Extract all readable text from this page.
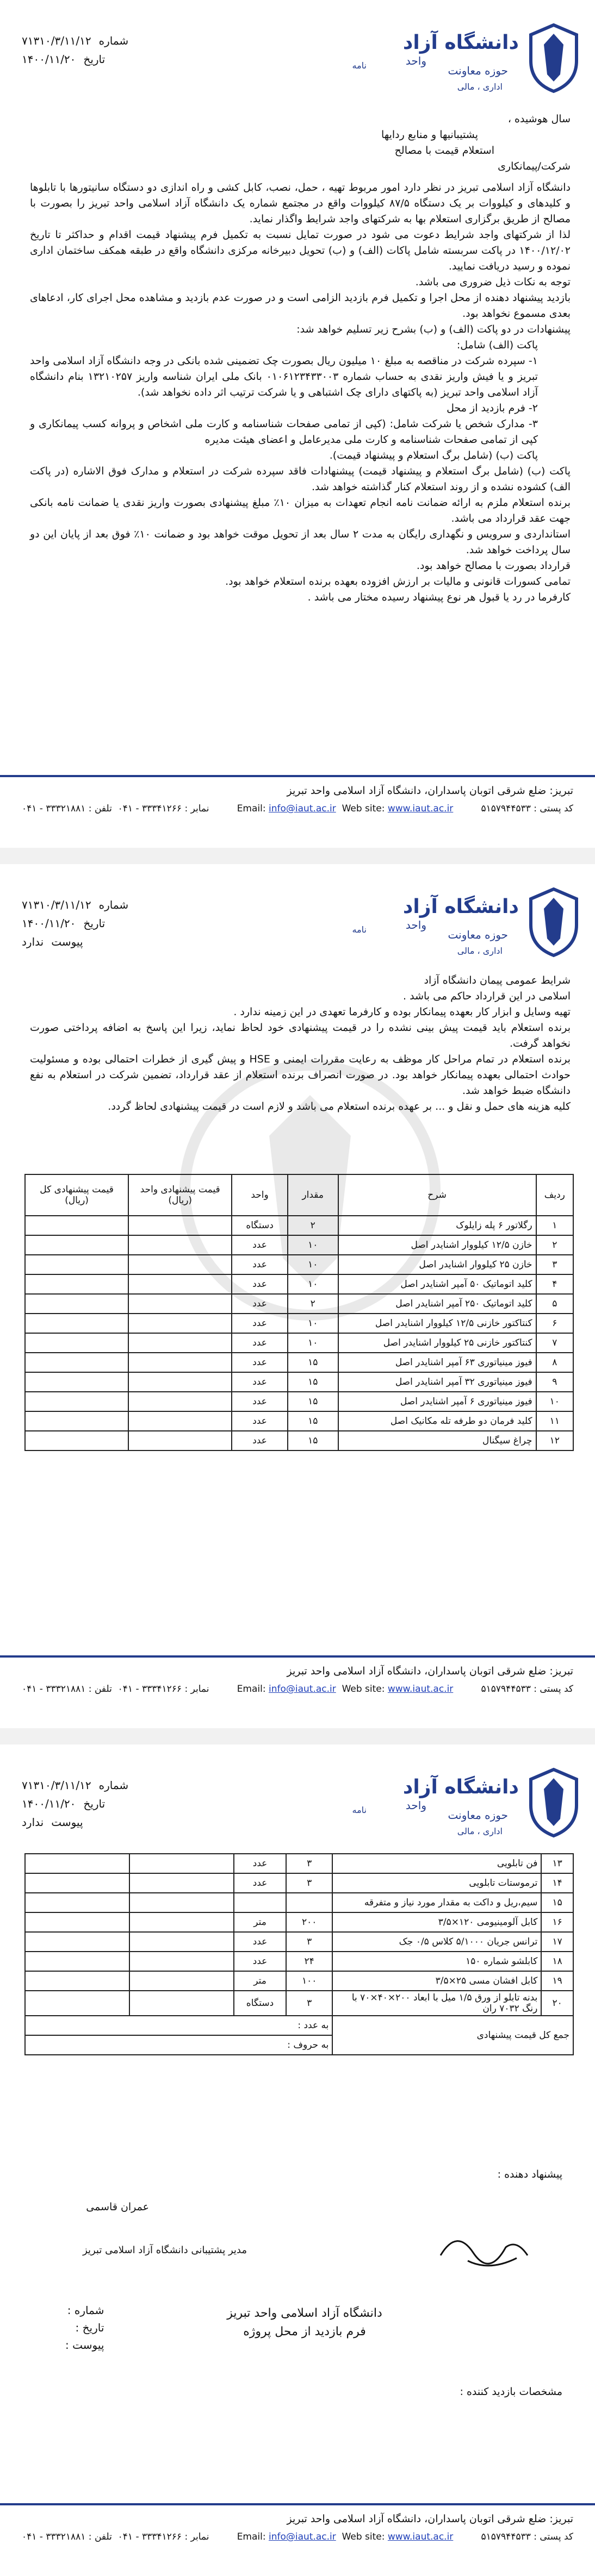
دانشگاه آزاد
واحد
نامه	حوزه معاونت
اداری ، مالی
شماره
۷۱۳۱۰/۳/۱۱/۱۲
تاریخ
۱۴۰۰/۱۱/۲۰

سال هوشیده ،

پشتیبانیها و منابع ردایها

استعلام قیمت با مصالح

شرکت/پیمانکاری

دانشگاه آزاد اسلامی تبریز در نظر دارد امور مربوط تهیه ، حمل، نصب، کابل کشی و راه اندازی دو دستگاه سانیتورها با تابلوها و کلیدهای و کیلووات بر یک دستگاه ۸۷/۵ کیلووات واقع در مجتمع شماره یک دانشگاه آزاد اسلامی واحد تبریز را بصورت با مصالح از طریق برگزاری استعلام بها به شرکتهای واجد شرایط واگذار نماید.

لذا از شرکتهای واجد شرایط دعوت می شود در صورت تمایل نسبت به تکمیل فرم پیشنهاد قیمت اقدام و حداکثر تا تاریخ ۱۴۰۰/۱۲/۰۲ در پاکت سربسته شامل پاکات (الف) و (ب) تحویل دبیرخانه مرکزی دانشگاه واقع در طبقه همکف ساختمان اداری نموده و رسید دریافت نمایید.

توجه به نکات ذیل ضروری می باشد.

بازدید پیشنهاد دهنده از محل اجرا و تکمیل فرم بازدید الزامی است و در صورت عدم بازدید و مشاهده محل اجرای کار، ادعاهای بعدی مسموع نخواهد بود.

پیشنهادات در دو پاکت (الف) و (ب) بشرح زیر تسلیم خواهد شد:

پاکت (الف) شامل:

۱- سپرده شرکت در مناقصه به مبلغ ۱۰ میلیون ریال بصورت چک تضمینی شده بانکی در وجه دانشگاه آزاد اسلامی واحد تبریز و یا فیش واریز نقدی به حساب شماره ۰۱۰۶۱۲۳۴۳۳۰۰۳ بانک ملی ایران شناسه واریز ۱۳۲۱۰۲۵۷ بنام دانشگاه آزاد اسلامی واحد تبریز (به پاکتهای دارای چک اشتباهی و یا شرکت ترتیب اثر داده نخواهد شد).

۲- فرم بازدید از محل

۳- مدارک شخص یا شرکت شامل: (کپی از تمامی صفحات شناسنامه و کارت ملی اشخاص و پروانه کسب پیمانکاری و کپی از تمامی صفحات شناسنامه و کارت ملی مدیرعامل و اعضای هیئت مدیره

پاکت (ب) (شامل برگ استعلام و پیشنهاد قیمت).

پاکت (ب) (شامل برگ استعلام و پیشنهاد قیمت) پیشنهادات فاقد سپرده شرکت در استعلام و مدارک فوق الاشاره (در پاکت الف) کشوده نشده و از روند استعلام کنار گذاشته خواهد شد.

برنده استعلام ملزم به ارائه ضمانت نامه انجام تعهدات به میزان ۱۰٪ مبلغ پیشنهادی بصورت واریز نقدی یا ضمانت نامه بانکی جهت عقد قرارداد می باشد.

استانداردی و سرویس و نگهداری رایگان به مدت ۲ سال بعد از تحویل موقت خواهد بود و ضمانت ۱۰٪ فوق بعد از پایان این دو سال پرداخت خواهد شد.

قرارداد بصورت با مصالح خواهد بود.

تمامی کسورات قانونی و مالیات بر ارزش افزوده بعهده برنده استعلام خواهد بود.

کارفرما در رد یا قبول هر نوع پیشنهاد رسیده مختار می باشد .

تبریز: ضلع شرقی اتوبان پاسداران، دانشگاه آزاد اسلامی واحد تبریز
نمابر : ۳۳۳۴۱۲۶۶ - ۰۴۱  تلفن : ۳۳۳۲۱۸۸۱ - ۰۴۱	Email: info@iaut.ac.ir Web site: www.iaut.ac.ir	کد پستی : ۵۱۵۷۹۴۴۵۳۳
دانشگاه آزاد
واحد
نامه	حوزه معاونت
اداری ، مالی
شماره
۷۱۳۱۰/۳/۱۱/۱۲
تاریخ
۱۴۰۰/۱۱/۲۰
پیوست
ندارد

شرایط عمومی پیمان دانشگاه آزاد

اسلامی در این قرارداد حاکم می باشد .

تهیه وسایل و ابزار کار بعهده پیمانکار بوده و کارفرما تعهدی در این زمینه ندارد .

برنده استعلام باید قیمت پیش بینی نشده را در قیمت پیشنهادی خود لحاظ نماید، زیرا این پاسخ به اضافه پرداختی صورت نخواهد گرفت.

برنده استعلام در تمام مراحل کار موظف به رعایت مقررات ایمنی و HSE و پیش گیری از خطرات احتمالی بوده و مسئولیت حوادث احتمالی بعهده پیمانکار خواهد بود. در صورت انصراف برنده استعلام از عقد قرارداد، تضمین شرکت در استعلام به نفع دانشگاه ضبط خواهد شد.

کلیه هزینه های حمل و نقل و ... بر عهده برنده استعلام می باشد و لازم است در قیمت پیشنهادی لحاظ گردد.

ردیف	شرح	مقدار	واحد	قیمت پیشنهادی واحد (ریال)	قیمت پیشنهادی کل (ریال)
۱	رگلاتور ۶ پله زایلوک	۲	دستگاه		
۲	خازن ۱۲/۵ کیلووار اشنایدر اصل	۱۰	عدد		
۳	خازن ۲۵ کیلووار اشنایدر اصل	۱۰	عدد		
۴	کلید اتوماتیک ۵۰ آمپر اشنایدر اصل	۱۰	عدد		
۵	کلید اتوماتیک ۲۵۰ آمپر اشنایدر اصل	۲	عدد		
۶	کنتاکتور خازنی ۱۲/۵ کیلووار اشنایدر اصل	۱۰	عدد		
۷	کنتاکتور خازنی ۲۵ کیلووار اشنایدر اصل	۱۰	عدد		
۸	فیوز مینیاتوری ۶۳ آمپر اشنایدر اصل	۱۵	عدد		
۹	فیوز مینیاتوری ۳۲ آمپر اشنایدر اصل	۱۵	عدد		
۱۰	فیوز مینیاتوری ۶ آمپر اشنایدر اصل	۱۵	عدد		
۱۱	کلید فرمان دو طرفه تله مکانیک اصل	۱۵	عدد		
۱۲	چراغ سیگنال	۱۵	عدد		
تبریز: ضلع شرقی اتوبان پاسداران، دانشگاه آزاد اسلامی واحد تبریز
نمابر : ۳۳۳۴۱۲۶۶ - ۰۴۱  تلفن : ۳۳۳۲۱۸۸۱ - ۰۴۱	Email: info@iaut.ac.ir Web site: www.iaut.ac.ir	کد پستی : ۵۱۵۷۹۴۴۵۳۳
دانشگاه آزاد
واحد
نامه	حوزه معاونت
اداری ، مالی
شماره
۷۱۳۱۰/۳/۱۱/۱۲
تاریخ
۱۴۰۰/۱۱/۲۰
پیوست
ندارد
۱۳	فن تابلویی	۳	عدد		
۱۴	ترموستات تابلویی	۳	عدد		
۱۵	سیم،ریل و داکت به مقدار مورد نیاز و متفرقه				
۱۶	کابل آلومینیومی ۱۲۰×۳/۵	۲۰۰	متر		
۱۷	ترانس جریان ۵/۱۰۰۰ کلاس ۰/۵ جک	۳	عدد		
۱۸	کابلشو شماره ۱۵۰	۲۴	عدد		
۱۹	کابل افشان مسی ۲۵×۳/۵	۱۰۰	متر		
۲۰	بدنه تابلو از ورق ۱/۵ میل با ابعاد ۲۰۰×۴۰×۷۰ با رنگ ۷۰۳۲ ران	۳	دستگاه		
جمع کل قیمت پیشنهادی		به عدد :			
		به حروف :			
پیشنهاد دهنده :
عمران قاسمی
مدیر پشتیبانی دانشگاه آزاد اسلامی تبریز
دانشگاه آزاد اسلامی واحد تبریز
فرم بازدید از محل پروژه
شماره :
تاریخ :
پیوست :
مشخصات بازدید کننده :
تبریز: ضلع شرقی اتوبان پاسداران، دانشگاه آزاد اسلامی واحد تبریز
نمابر : ۳۳۳۴۱۲۶۶ - ۰۴۱  تلفن : ۳۳۳۲۱۸۸۱ - ۰۴۱	Email: info@iaut.ac.ir Web site: www.iaut.ac.ir	کد پستی : ۵۱۵۷۹۴۴۵۳۳
